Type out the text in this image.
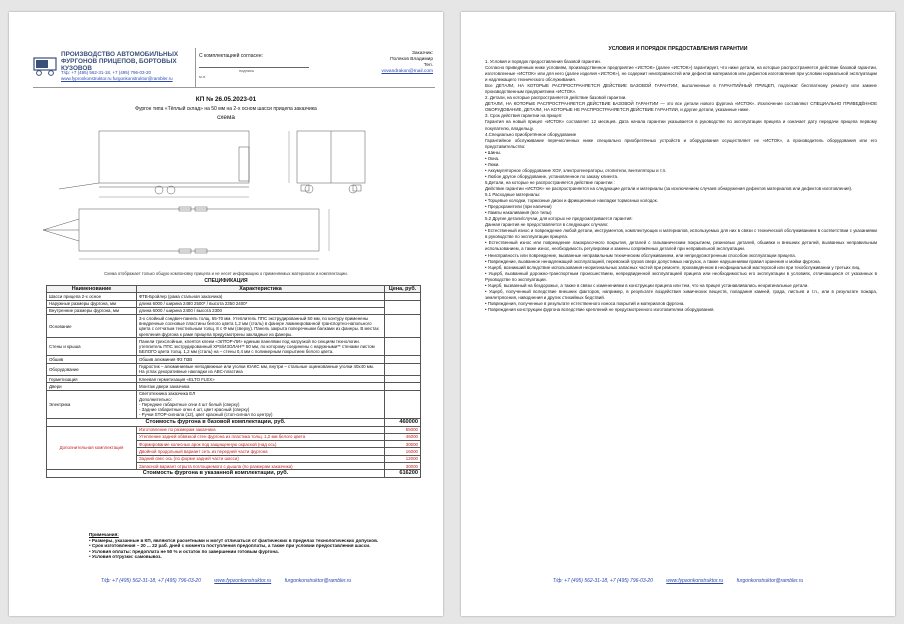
ПРОИЗВОДСТВО АВТОМОБИЛЬНЫХ ФУРГОНОВ ПРИЦЕПОВ, БОРТОВЫХ КУЗОВОВ
Т/ф: +7 (495) 562-31-18, +7 (495) 796-03-20
www.fургоnkonstruktor.ru furgonkonstruktor@rambler.ru
С комплектацией согласен:
подпись
м.п.
Заказчик:
Поляков Владимир
Тел.
vovandrakon@mail.com
КП № 26.05.2023-01
Фургон типа «Тёплый склад» на 50 мм на 2-х осном шасси прицепа заказчика
схема
Схема отображает только общую компоновку прицепа и не несет информацию о применяемых материалах и комплектации.
СПЕЦИФИКАЦИЯ
Наименование	Характеристика	Цена, руб.
Шасси прицепа 2-х осное	ФТВ-Бройлер (рама стальная заказчика)	
Наружные размеры фургона, мм	длина 6000 / ширина 2480 2500* / высота 2350 2400*	
Внутренние размеры фургона, мм	длина 6000 / ширина 2400 / высота 2300	
Основание	3-х слойный сэндвич-панель толщ. 65-70 мм. Утеплитель ППС экструдированный 50 мм, по контуру применены внедренные сосновые пластины белого цвета 1,2 мм (сталь) в фанере ламинированной транспортно-напольного цвета с сетчатым текстильным толщ. 8 с Ф мм (сверху). Панель закрыта поперечными балками из фанеры. В местах крепления фургона к раме прицепа предусмотрены закладные из фанеры.	
Стены и крыша	Панели трехслойные, клеятся клеем «ЭЛТОР-ЛИ» единым панелями под нагрузкой по секциям технологии. утеплитель ППС экструдированный XPS/ИЗОЛАН** 50 мм, по которому соединены с наружными** стенами листом БЕЛОГО цвета толщ. 1,2 мм (сталь) на – стены 0,4 мм с полимерным покрытием белого цвета.	
Обшив	Обшив алюминия Ф3 П3В	
Оборудование	Гидростик – алюминиевые неподвижные или уголки ЮАКС мм, внутри – стальные оцинкованные уголки 40х40 мм.
На углах декоративные накладки из АВС-пластика	
Герметизация	Клеевая герметизация «ELTO FLEX»	
Двери	Монтаж двери заказчика	
Электрика	Светотехника заказчика ЕЛ
Дополнительно:
- Передние габаритные огни 4 шт белый (сверху)
- Задние габаритные огни 4 шт, цвет красный (сверху)
- Ручки STOP-сигнала (12), цвет красный (стоп-сигнал по центру)	

Стоимость фургона в базовой комплектации, руб.		460000
Дополнительная комплектация	Изготовление по размерам заказчика	55000
	Утепление задней обвязкой стен фургона из пластика толщ. 1,2 мм белого цвета	46000
	Формирование колесных арок под защищенную окраской (над ось)	30000
	Двойной продольный вариант сеть из передней части фургона	16000
	Задний свес ось (по форме задней части шасси)	12000
	Запасной вариант отрыта поглощаемого с дышла (по размерам заказчика)	30000
Стоимость фургона в указанной комплектации, руб.		616200
Примечания:
• Размеры, указанные в КП, являются расчетными и могут отличаться от фактических в пределах технологических допусков.
• Срок изготовления – 20 ... 22 раб. дней с момента поступления предоплаты, а также при условии предоставления шасси.
• Условия оплаты: предоплата не 50 % и остаток по завершении готовым фургона.
• Условия отгрузки: самовывоз.
Т/ф: +7 (495) 562-31-18, +7 (495) 796-03-20	www.fургоnkonstruktor.ru	furgonkonstruktor@rambler.ru
УСЛОВИЯ И ПОРЯДОК ПРЕДОСТАВЛЕНИЯ ГАРАНТИИ

1. Условия и порядок предоставления базовой гарантии.

Согласно приведённым ниже условиям, производственное предприятие «ИСТОК» (далее «ИСТОК») гарантирует, что ниже детали, на которые распространяется действие базовой гарантии, изготовленные «ИСТОК» или для него (далее изделия «ИСТОК»), не содержит неисправностей или дефектов материалов или дефектов изготовления при условии нормальной эксплуатации и надлежащего технического обслуживания.

Все ДЕТАЛИ, НА КОТОРЫЕ РАСПРОСТРАНЯЕТСЯ ДЕЙСТВИЕ БАЗОВОЙ ГАРАНТИИ, выполненные в ГАРАНТИЙНЫЙ ПРИЦЕП, подлежат бесплатному ремонту или замене производственным предприятием «ИСТОК».

2. Детали, на которые распространяется действие базовой гарантии.

ДЕТАЛИ, НА КОТОРЫЕ РАСПРОСТРАНЯЕТСЯ ДЕЙСТВИЕ БАЗОВОЙ ГАРАНТИИ — это все детали нового фургона «ИСТОК». Исключение составляют СПЕЦИАЛЬНО ПРИВЕДЁННОЕ ОБОРУДОВАНИЕ, ДЕТАЛИ, НА КОТОРЫЕ НЕ РАСПРОСТРАНЯЕТСЯ ДЕЙСТВИЕ ГАРАНТИИ, и другие детали, указанные ниже.

3. Срок действия гарантии на прицеп:

Гарантия на новый прицеп «ИСТОК» составляет 12 месяцев. Дата начала гарантии указывается в руководстве по эксплуатации прицепа и означает дату передачи прицепа первому покупателю, владельцу.

4.Специально приобретённое оборудование

Гарантийное обслуживание перечисленных ниже специально приобретённых устройств и оборудования осуществляет не «ИСТОК», а производитель оборудования или его представительство:

• Шины.

• Окна.

• Люки.

• Аккумуляторное оборудование ХОУ, электрогенераторы, отопители, вентиляторы и т.п.

• Любое другое оборудование, установленное по заказу клиента.

5.Детали, на которые не распространяется действие гарантии :

Действие гарантии «ИСТОК» не распространяется на следующие детали и материалы (за исключением случаев обнаружения дефектов материалов или дефектов изготовления).

5.1 Расходные материалы:

• Торцевые колодки, тормозные диски и фрикционные накладки тормозных колодок.

• Предохранители (при наличии)

• Лампы накаливания (все типы)

5.2 Другие детали/случаи, для которых не предусматривается гарантия:

Данная гарантия не предоставляется в следующих случаях:

• Естественный износ и повреждение любой детали, инструментов, комплектующих и материалов, используемых для них в связи с технической обслуживанием в соответствии с указаниями в руководстве по эксплуатации прицепа.

• Естественный износ или повреждение лакокрасочного покрытия, деталей с гальваническим покрытием, резиновых деталей, обшивки и внешних деталей, вызванных неправильным использованием, а также износ, необходимость регулировки и замены сопряжённых деталей при неправильной эксплуатации.

• Неисправность или повреждение, вызванные неправильным техническим обслуживанием, или непредусмотренным способом эксплуатации прицепа.

• Повреждение, вызванное ненадлежащей эксплуатацией, перевозкой грузов сверх допустимых нагрузок, а также нарушениями правил хранения и мойки фургона.

• Ущерб, возникший вследствие использования неоригинальных запасных частей при ремонте, произведённом в неофициальной мастерской или при техобслуживании у третьих лиц.

• Ущерб, вызванный дорожно-транспортным происшествием, непредвиденной эксплуатацией прицепа или необходимостью его эксплуатации в условиях, отличающихся от указанных в Руководстве по эксплуатации.

• Ущерб, вызванный на бездорожье, а также в связи с изменениями в конструкции прицепа или тем, что на прицеп устанавливались неоригинальные детали.

• Ущерб, полученный вследствие внешних факторов, например, в результате воздействия химических веществ, попадания камней, града, листьев и т.п., или в результате пожара, землетрясения, наводнения и других стихийных бедствий.

• Повреждения, полученные в результате естественного износа покрытий и материалов фургона.

• Повреждения конструкции фургона вследствие креплений не предусмотренного изготовителем оборудования.

Т/ф: +7 (495) 562-31-18, +7 (495) 796-03-20	www.fургоnkonstruktor.ru	furgonkonstruktor@rambler.ru
